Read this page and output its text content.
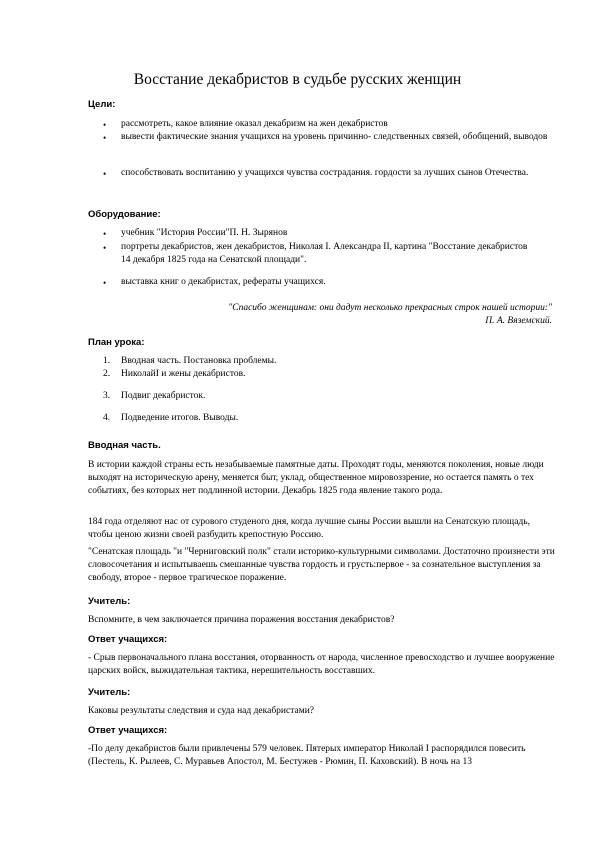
Восстание декабристов в судьбе русских женщин
Цели:
• рассмотреть, какое влияние оказал декабризм на жен декабристов
• вывести фактические знания учащихся на уровень причинно- следственных связей, обобщений, выводов
• способствовать воспитанию у учащихся чувства сострадания. гордости за лучших сынов Отечества.
Оборудование:
• учебник "История России"П. Н. Зырянов
• портреты декабристов, жен декабристов, Николая I. Александра II, картина "Восстание декабристов 14 декабря 1825 года на Сенатской площади".
• выставка книг о декабристах, рефераты учащихся.
"Спасибо женщинам: они дадут несколько прекрасных строк нашей истории:"
П. А. Вяземский.
План урока:
1.	Вводная часть. Постановка проблемы.
2.	НиколайI и жены декабристов.
3.	Подвиг декабристок.
4.	Подведение итогов. Выводы.
Вводная часть.
В истории каждой страны есть незабываемые памятные даты. Проходят годы, меняются поколения, новые люди выходят на историческую арену, меняется быт, уклад, общественное мировоззрение, но остается память о тех событиях, без которых нет подлинной истории. Декабрь 1825 года явление такого рода.
184 года отделяют нас от сурового студеного дня, когда лучшие сыны России вышли на Сенатскую площадь, чтобы ценою жизни своей разбудить крепостную Россию.
"Сенатская площадь "и "Черниговский полк" стали историко-культурными символами. Достаточно произнести эти словосочетания и испытываешь смешанные чувства гордость и грусть:первое - за сознательное выступления за свободу, второе - первое трагическое поражение.
Учитель:
Вспомните, в чем заключается причина поражения восстания декабристов?
Ответ учащихся:
- Срыв первоначального плана восстания, оторванность от народа, численное превосходство и лучшее вооружение царских войск, выжидательная тактика, нерешительность восставших.
Учитель:
Каковы результаты следствия и суда над декабристами?
Ответ учащихся:
-По делу декабристов были привлечены 579 человек. Пятерых император Николай I распорядился повесить (Пестель, К. Рылеев, С. Муравьев Апостол, М. Бестужев - Рюмин, П. Каховский). В ночь на 13
